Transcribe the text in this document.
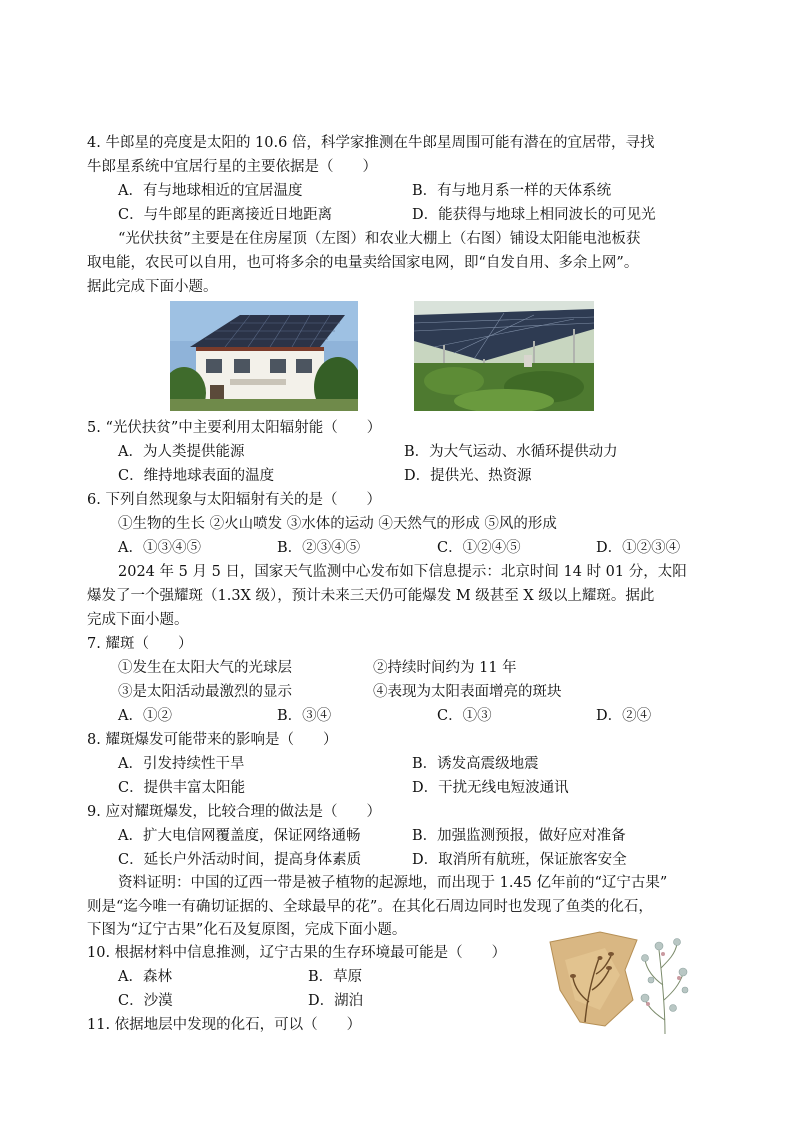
4. 牛郎星的亮度是太阳的 10.6 倍，科学家推测在牛郎星周围可能有潜在的宜居带，寻找
牛郎星系统中宜居行星的主要依据是（　　）
A．有与地球相近的宜居温度	B．有与地月系一样的天体系统
C．与牛郎星的距离接近日地距离	D．能获得与地球上相同波长的可见光
“光伏扶贫”主要是在住房屋顶（左图）和农业大棚上（右图）铺设太阳能电池板获
取电能，农民可以自用，也可将多余的电量卖给国家电网，即“自发自用、多余上网”。
据此完成下面小题。
5. “光伏扶贫”中主要利用太阳辐射能（　　）
A．为人类提供能源	B．为大气运动、水循环提供动力
C．维持地球表面的温度	D．提供光、热资源
6. 下列自然现象与太阳辐射有关的是（　　）
①生物的生长 ②火山喷发 ③水体的运动 ④天然气的形成 ⑤风的形成
A．①③④⑤	B．②③④⑤	C．①②④⑤	D．①②③④
2024 年 5 月 5 日，国家天气监测中心发布如下信息提示：北京时间 14 时 01 分，太阳
爆发了一个强耀斑（1.3X 级），预计未来三天仍可能爆发 M 级甚至 X 级以上耀斑。据此
完成下面小题。
7. 耀斑（　　）
①发生在太阳大气的光球层	②持续时间约为 11 年
③是太阳活动最激烈的显示	④表现为太阳表面增亮的斑块
A．①②	B．③④	C．①③	D．②④
8. 耀斑爆发可能带来的影响是（　　）
A．引发持续性干旱	B．诱发高震级地震
C．提供丰富太阳能	D．干扰无线电短波通讯
9. 应对耀斑爆发，比较合理的做法是（　　）
A．扩大电信网覆盖度，保证网络通畅	B．加强监测预报，做好应对准备
C．延长户外活动时间，提高身体素质	D．取消所有航班，保证旅客安全
资料证明：中国的辽西一带是被子植物的起源地，而出现于 1.45 亿年前的“辽宁古果”
则是“迄今唯一有确切证据的、全球最早的花”。在其化石周边同时也发现了鱼类的化石，
下图为“辽宁古果”化石及复原图，完成下面小题。
10. 根据材料中信息推测，辽宁古果的生存环境最可能是（　　）
A．森林	B．草原
C．沙漠	D．湖泊
11. 依据地层中发现的化石，可以（　　）
